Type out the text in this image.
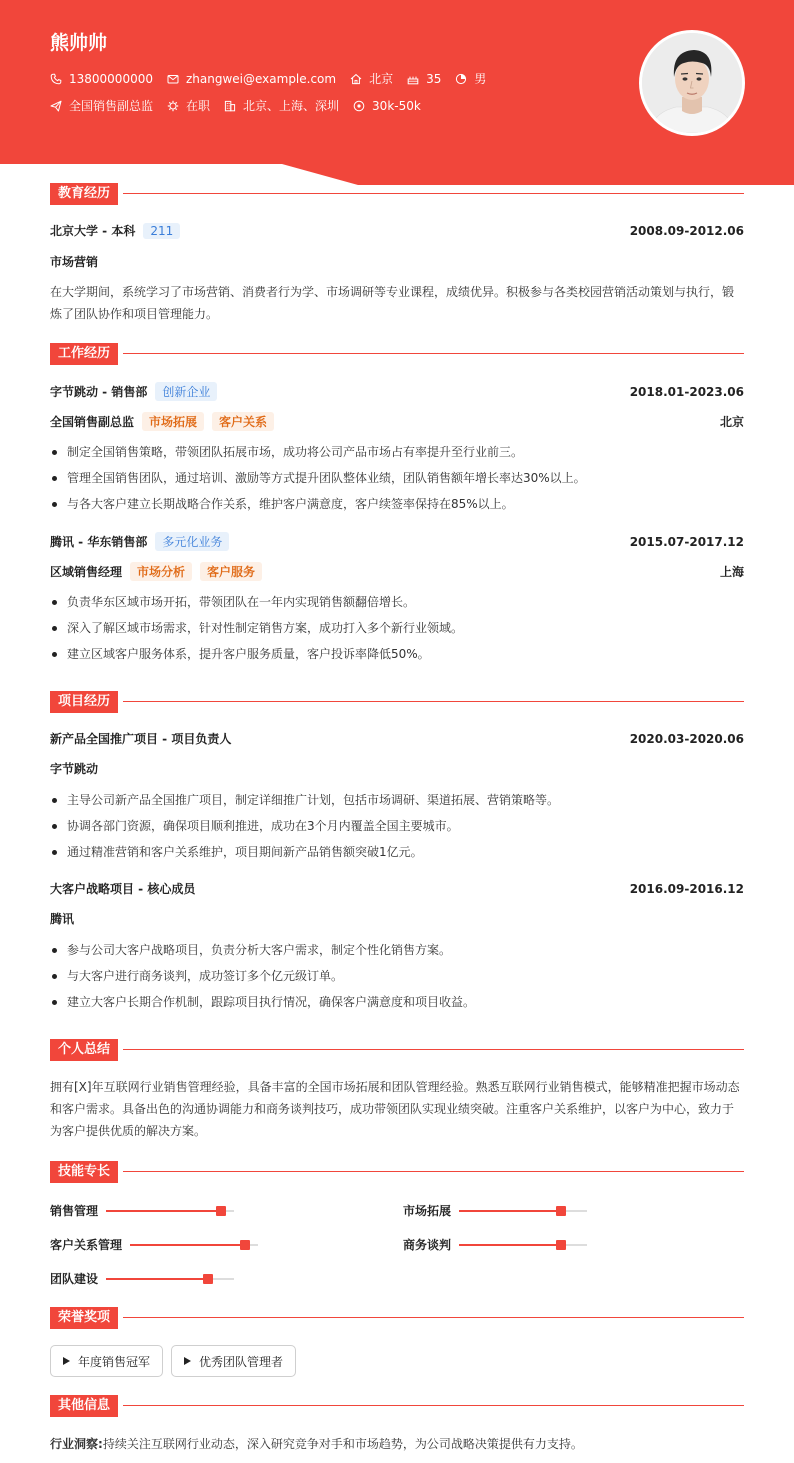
熊帅帅
13800000000	zhangwei@example.com	北京	35	男
全国销售副总监	在职	北京、上海、深圳	30k-50k
教育经历
北京大学 - 本科	211	2008.09-2012.06
市场营销
在大学期间，系统学习了市场营销、消费者行为学、市场调研等专业课程，成绩优异。积极参与各类校园营销活动策划与执行，锻炼了团队协作和项目管理能力。
工作经历
字节跳动 - 销售部	创新企业	2018.01-2023.06
全国销售副总监	市场拓展	客户关系	北京
制定全国销售策略，带领团队拓展市场，成功将公司产品市场占有率提升至行业前三。
管理全国销售团队，通过培训、激励等方式提升团队整体业绩，团队销售额年增长率达30%以上。
与各大客户建立长期战略合作关系，维护客户满意度，客户续签率保持在85%以上。
腾讯 - 华东销售部	多元化业务	2015.07-2017.12
区域销售经理	市场分析	客户服务	上海
负责华东区域市场开拓，带领团队在一年内实现销售额翻倍增长。
深入了解区域市场需求，针对性制定销售方案，成功打入多个新行业领域。
建立区域客户服务体系，提升客户服务质量，客户投诉率降低50%。
项目经历
新产品全国推广项目 - 项目负责人	2020.03-2020.06
字节跳动
主导公司新产品全国推广项目，制定详细推广计划，包括市场调研、渠道拓展、营销策略等。
协调各部门资源，确保项目顺利推进，成功在3个月内覆盖全国主要城市。
通过精准营销和客户关系维护，项目期间新产品销售额突破1亿元。
大客户战略项目 - 核心成员	2016.09-2016.12
腾讯
参与公司大客户战略项目，负责分析大客户需求，制定个性化销售方案。
与大客户进行商务谈判，成功签订多个亿元级订单。
建立大客户长期合作机制，跟踪项目执行情况，确保客户满意度和项目收益。
个人总结
拥有[X]年互联网行业销售管理经验，具备丰富的全国市场拓展和团队管理经验。熟悉互联网行业销售模式，能够精准把握市场动态和客户需求。具备出色的沟通协调能力和商务谈判技巧，成功带领团队实现业绩突破。注重客户关系维护，以客户为中心，致力于为客户提供优质的解决方案。
技能专长
销售管理	市场拓展
客户关系管理	商务谈判
团队建设
荣誉奖项
年度销售冠军	优秀团队管理者
其他信息
行业洞察:持续关注互联网行业动态，深入研究竞争对手和市场趋势，为公司战略决策提供有力支持。
